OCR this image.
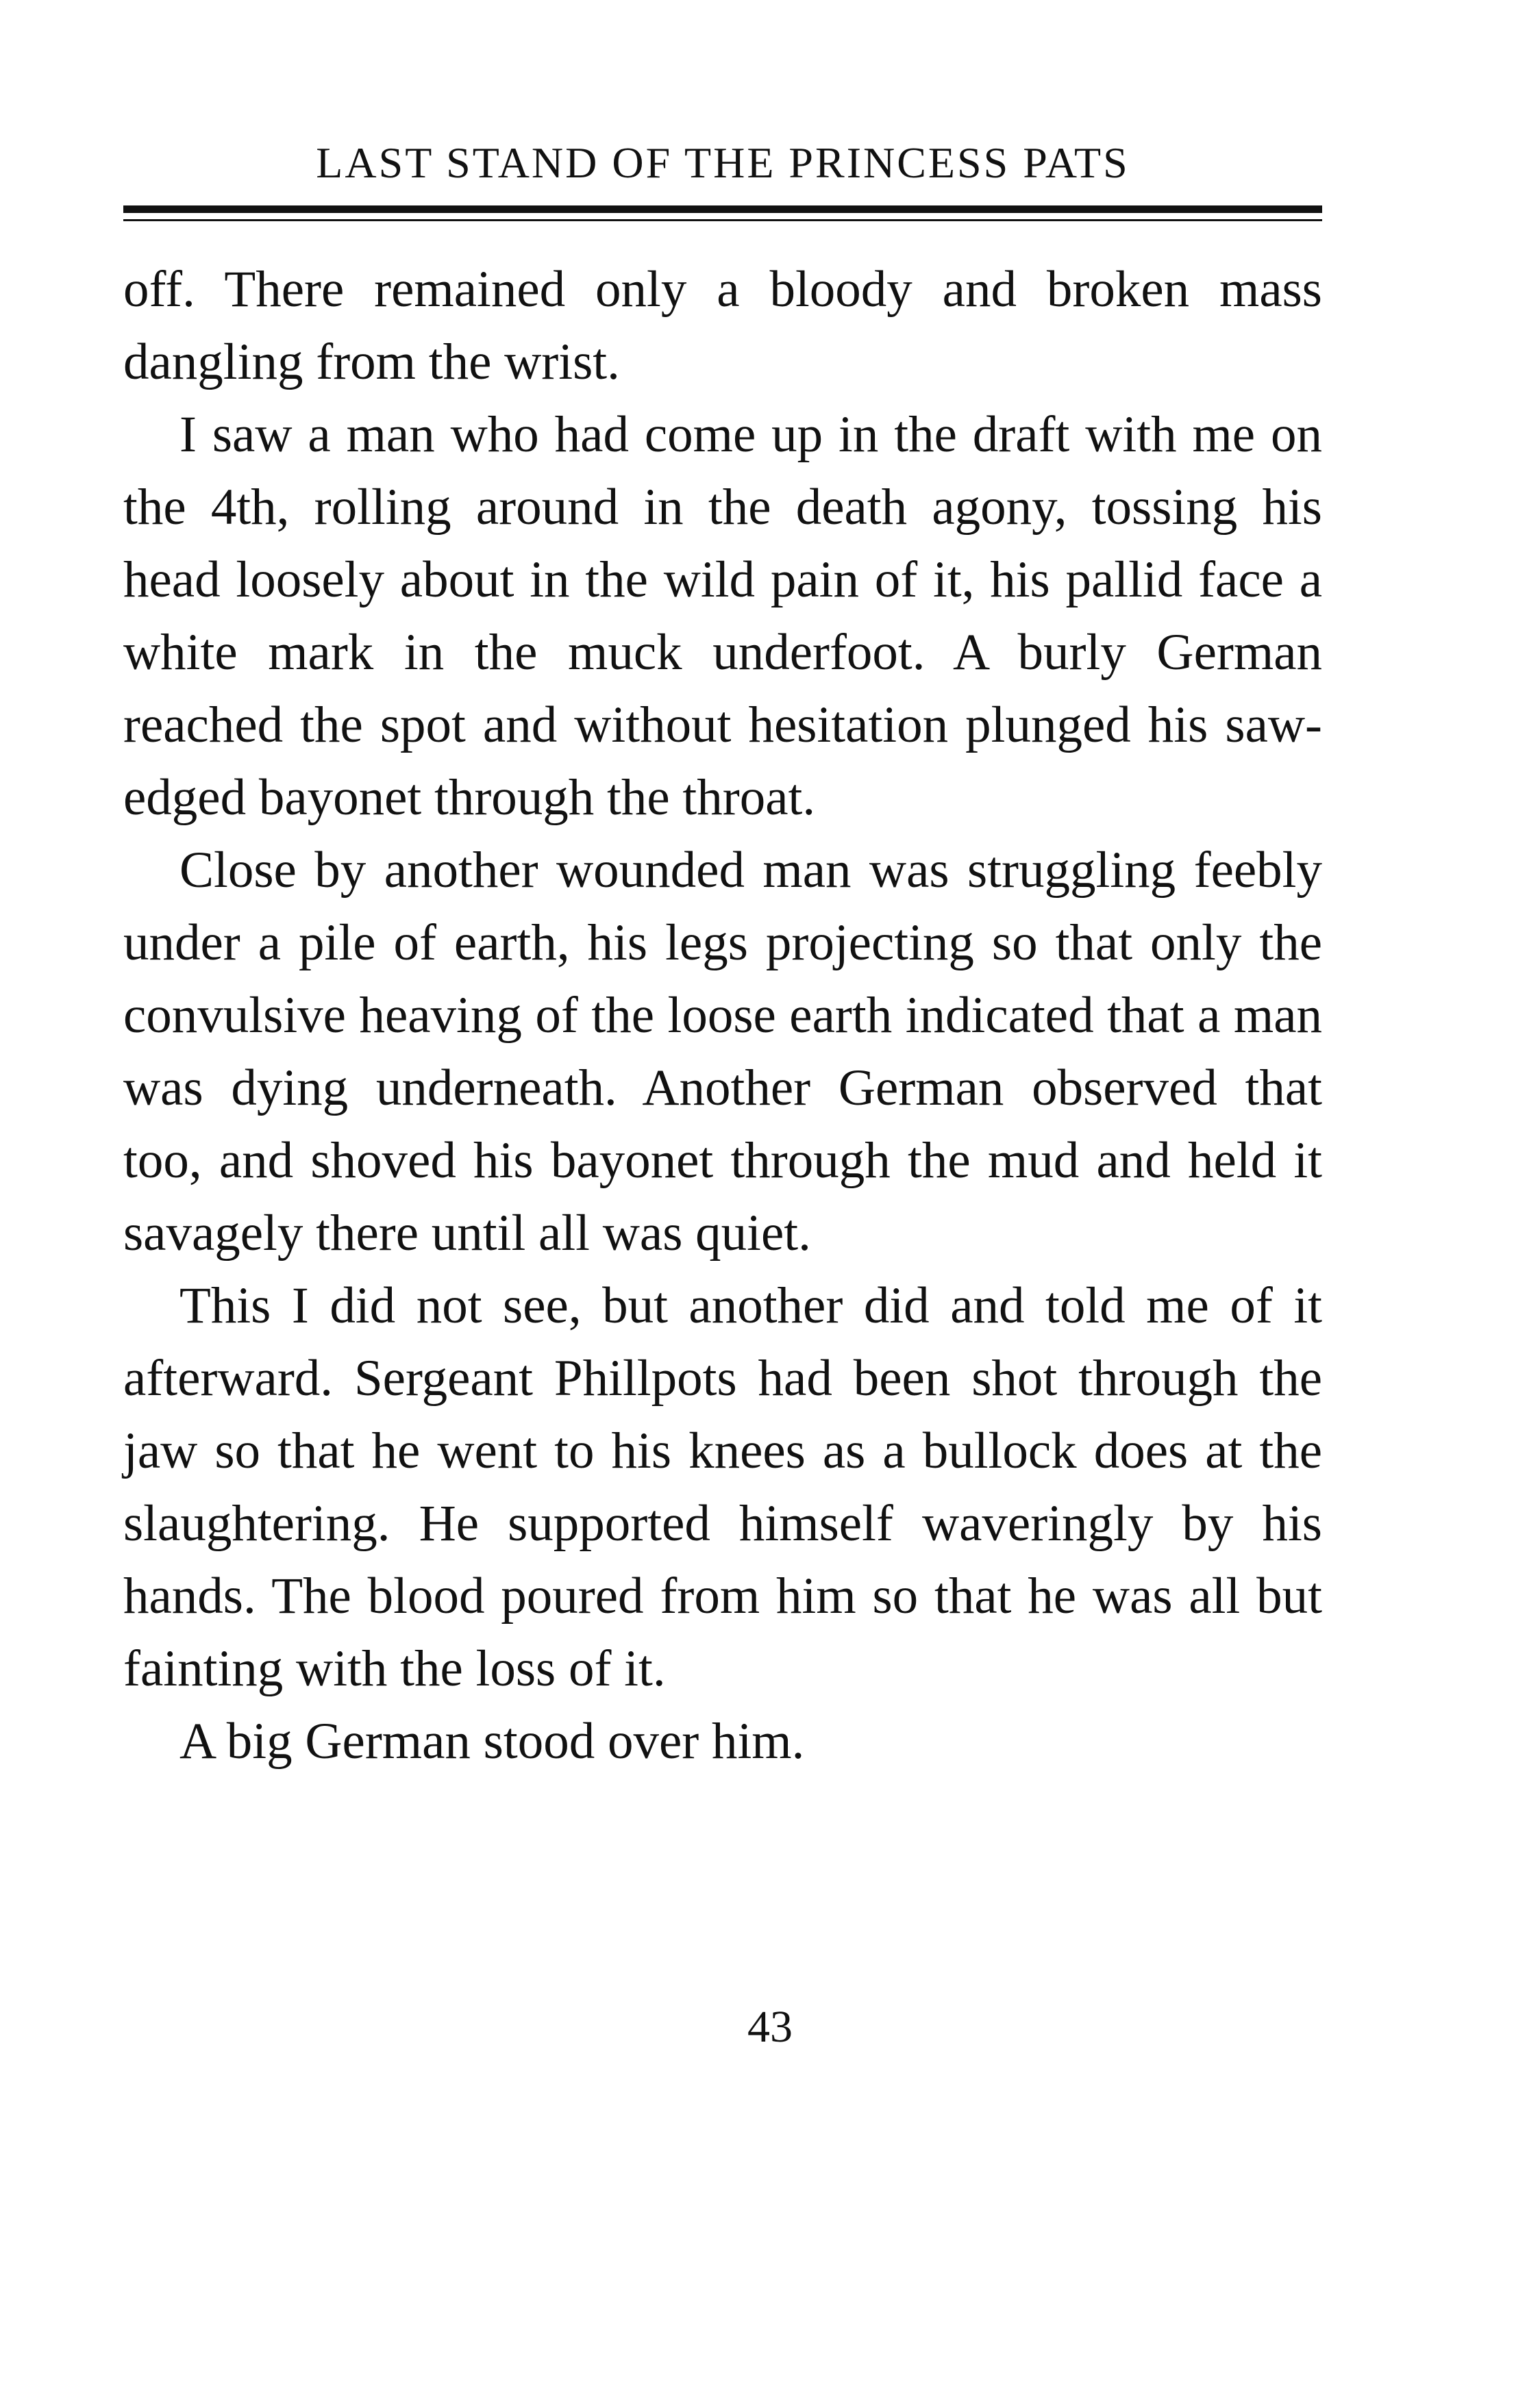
LAST STAND OF THE PRINCESS PATS

off. There remained only a bloody and broken mass dangling from the wrist.

I saw a man who had come up in the draft with me on the 4th, rolling around in the death agony, tossing his head loosely about in the wild pain of it, his pallid face a white mark in the muck underfoot. A burly German reached the spot and without hesitation plunged his saw-edged bayonet through the throat.

Close by another wounded man was struggling feebly under a pile of earth, his legs projecting so that only the convulsive heaving of the loose earth indicated that a man was dying underneath. Another German observed that too, and shoved his bayonet through the mud and held it savagely there until all was quiet.

This I did not see, but another did and told me of it afterward. Sergeant Phillpots had been shot through the jaw so that he went to his knees as a bullock does at the slaughtering. He supported himself waveringly by his hands. The blood poured from him so that he was all but fainting with the loss of it.

A big German stood over him.

43
